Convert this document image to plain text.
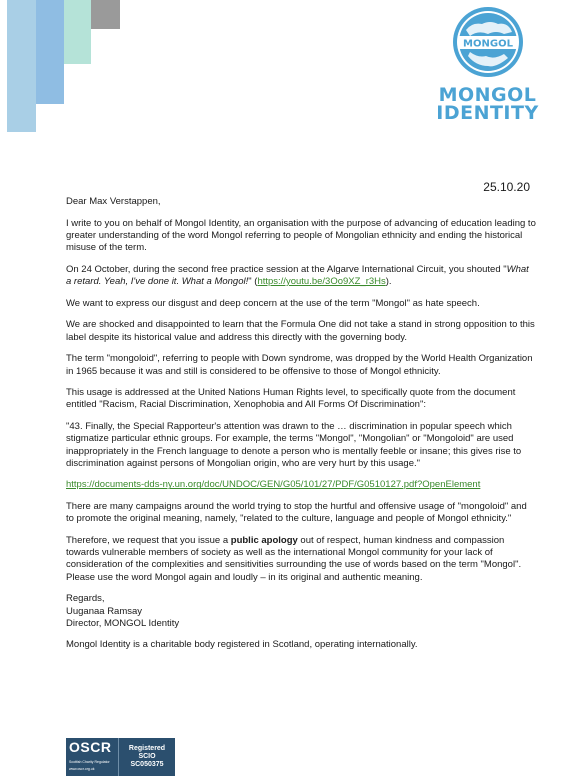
MONGOL
MONGOL
IDENTITY
25.10.20

Dear Max Verstappen,

I write to you on behalf of Mongol Identity, an organisation with the purpose of advancing of education leading to greater understanding of the word Mongol referring to people of Mongolian ethnicity and ending the historical misuse of the term.

On 24 October, during the second free practice session at the Algarve International Circuit, you shouted "What a retard. Yeah, I've done it. What a Mongol!" (https://youtu.be/3Oo9XZ_r3Hs).

We want to express our disgust and deep concern at the use of the term "Mongol" as hate speech.

We are shocked and disappointed to learn that the Formula One did not take a stand in strong opposition to this label despite its historical value and address this directly with the governing body.

The term "mongoloid", referring to people with Down syndrome, was dropped by the World Health Organization in 1965 because it was and still is considered to be offensive to those of Mongol ethnicity.

This usage is addressed at the United Nations Human Rights level, to specifically quote from the document entitled "Racism, Racial Discrimination, Xenophobia and All Forms Of Discrimination":

"43. Finally, the Special Rapporteur's attention was drawn to the … discrimination in popular speech which stigmatize particular ethnic groups. For example, the terms "Mongol", "Mongolian" or "Mongoloid" are used inappropriately in the French language to denote a person who is mentally feeble or insane; this gives rise to discrimination against persons of Mongolian origin, who are very hurt by this usage."

https://documents-dds-ny.un.org/doc/UNDOC/GEN/G05/101/27/PDF/G0510127.pdf?OpenElement

There are many campaigns around the world trying to stop the hurtful and offensive usage of "mongoloid" and to promote the original meaning, namely, "related to the culture, language and people of Mongol ethnicity."

Therefore, we request that you issue a public apology out of respect, human kindness and compassion towards vulnerable members of society as well as the international Mongol community for your lack of consideration of the complexities and sensitivities surrounding the use of words based on the term "Mongol". Please use the word Mongol again and loudly – in its original and authentic meaning.

Regards,
Uuganaa Ramsay
Director, MONGOL Identity

Mongol Identity is a charitable body registered in Scotland, operating internationally.

OSCR
Scottish Charity Regulator
www.oscr.org.uk
Registered
SCIO
SC050375
